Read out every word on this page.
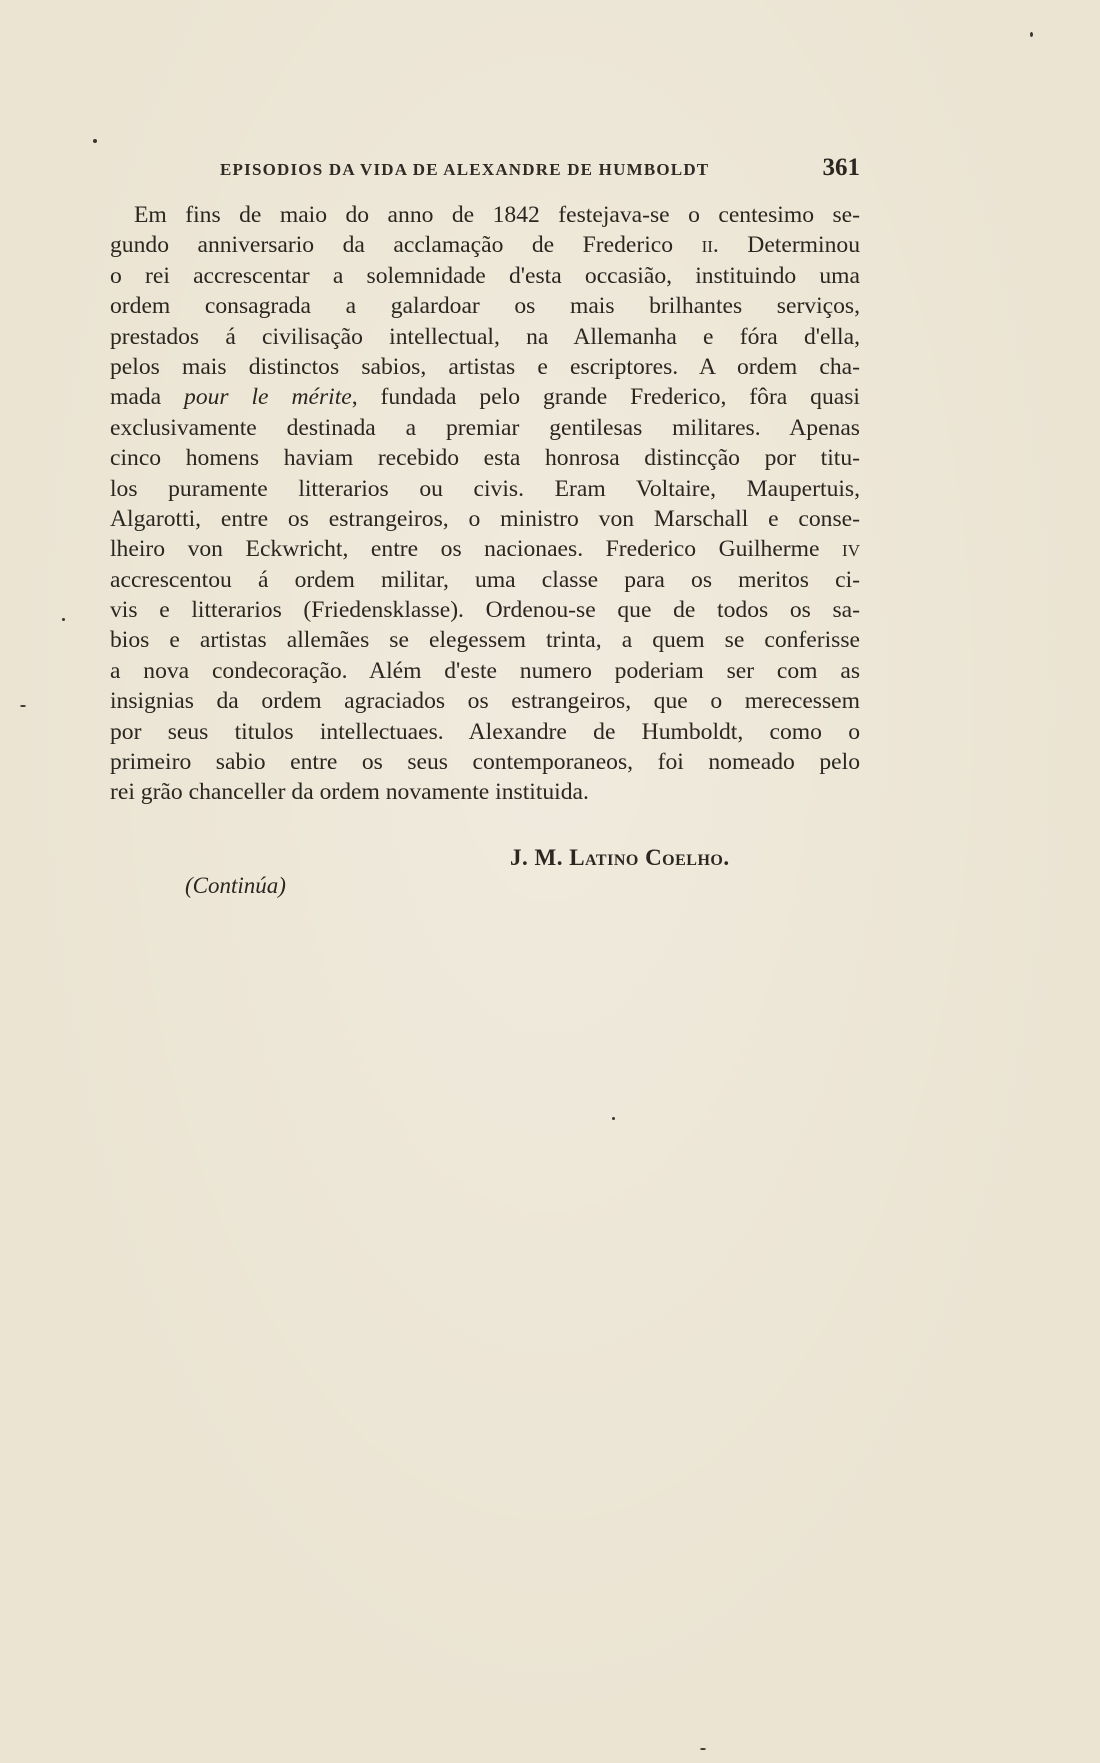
EPISODIOS DA VIDA DE ALEXANDRE DE HUMBOLDT	361
Em fins de maio do anno de 1842 festejava-se o centesimo se-
gundo anniversario da acclamação de Frederico ii. Determinou
o rei accrescentar a solemnidade d'esta occasião, instituindo uma
ordem consagrada a galardoar os mais brilhantes serviços,
prestados á civilisação intellectual, na Allemanha e fóra d'ella,
pelos mais distinctos sabios, artistas e escriptores. A ordem cha-
mada pour le mérite, fundada pelo grande Frederico, fôra quasi
exclusivamente destinada a premiar gentilesas militares. Apenas
cinco homens haviam recebido esta honrosa distincção por titu-
los puramente litterarios ou civis. Eram Voltaire, Maupertuis,
Algarotti, entre os estrangeiros, o ministro von Marschall e conse-
lheiro von Eckwricht, entre os nacionaes. Frederico Guilherme iv
accrescentou á ordem militar, uma classe para os meritos ci-
vis e litterarios (Friedensklasse). Ordenou-se que de todos os sa-
bios e artistas allemães se elegessem trinta, a quem se conferisse
a nova condecoração. Além d'este numero poderiam ser com as
insignias da ordem agraciados os estrangeiros, que o merecessem
por seus titulos intellectuaes. Alexandre de Humboldt, como o
primeiro sabio entre os seus contemporaneos, foi nomeado pelo
rei grão chanceller da ordem novamente instituida.
J. M. Latino Coelho.
(Continúa)
